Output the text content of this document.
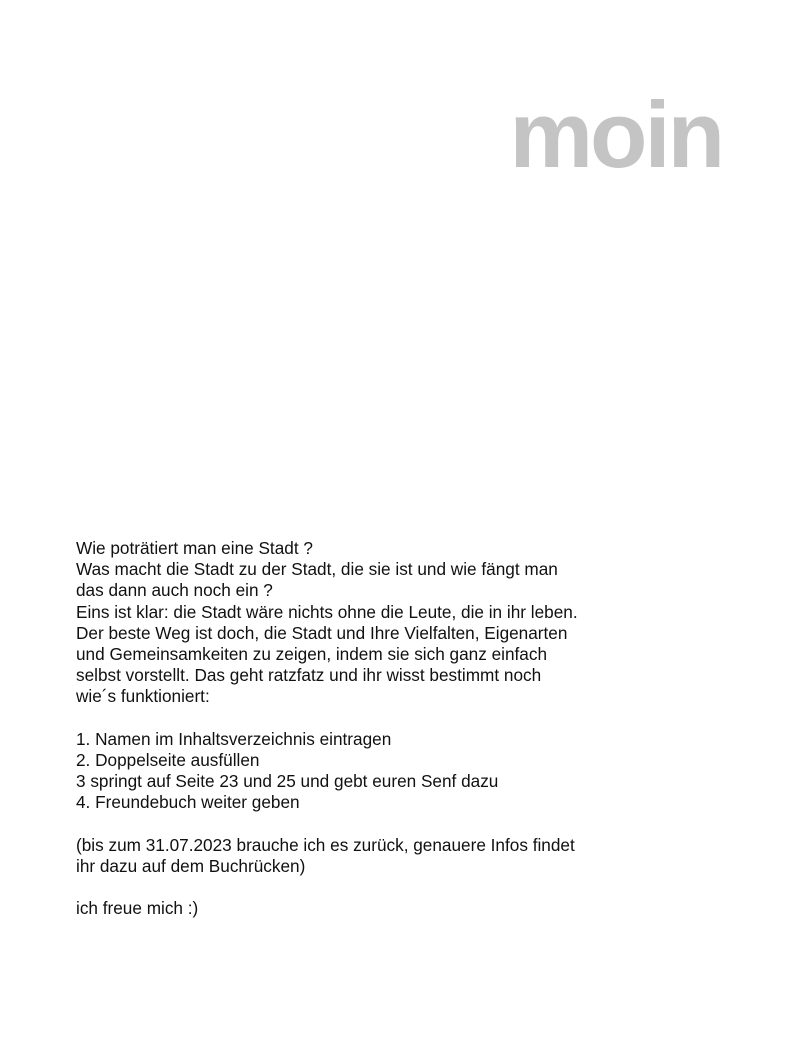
moin
Wie poträtiert man eine Stadt ?
Was macht die Stadt zu der Stadt, die sie ist und wie fängt man
das dann auch noch ein ?
Eins ist klar: die Stadt wäre nichts ohne die Leute, die in ihr leben.
Der beste Weg ist doch, die Stadt und Ihre Vielfalten, Eigenarten
und Gemeinsamkeiten zu zeigen, indem sie sich ganz einfach
selbst vorstellt. Das geht ratzfatz und ihr wisst bestimmt noch
wie´s funktioniert:
1. Namen im Inhaltsverzeichnis eintragen
2. Doppelseite ausfüllen
3 springt auf Seite 23 und 25 und gebt euren Senf dazu
4. Freundebuch weiter geben
(bis zum 31.07.2023 brauche ich es zurück, genauere Infos findet
ihr dazu auf dem Buchrücken)

ich freue mich :)
